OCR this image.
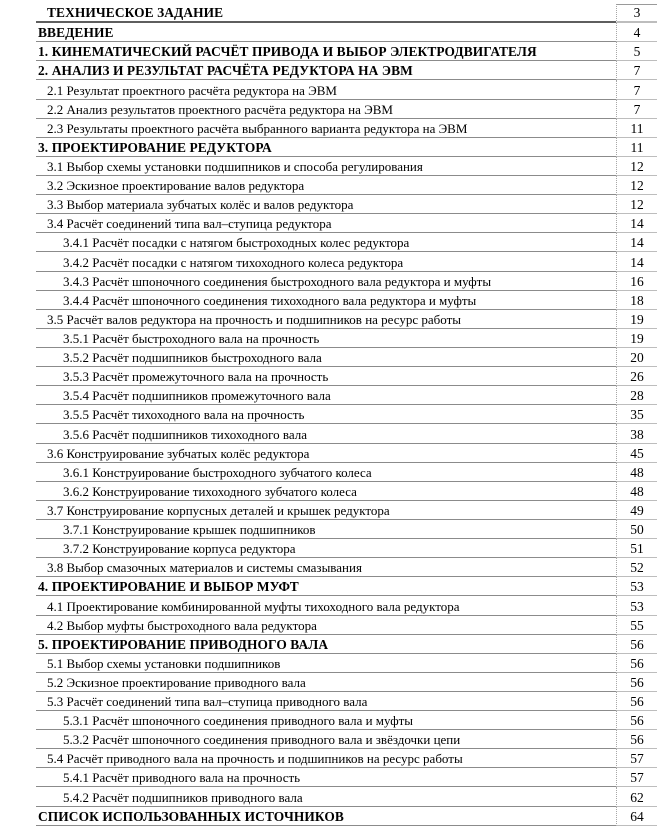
ТЕХНИЧЕСКОЕ ЗАДАНИЕ	3
ВВЕДЕНИЕ	4
1. КИНЕМАТИЧЕСКИЙ РАСЧЁТ ПРИВОДА И ВЫБОР ЭЛЕКТРОДВИГАТЕЛЯ	5
2. АНАЛИЗ И РЕЗУЛЬТАТ РАСЧЁТА РЕДУКТОРА НА ЭВМ	7
2.1 Результат проектного расчёта редуктора на ЭВМ	7
2.2 Анализ результатов проектного расчёта редуктора на ЭВМ	7
2.3 Результаты проектного расчёта выбранного варианта редуктора на ЭВМ	11
3. ПРОЕКТИРОВАНИЕ РЕДУКТОРА	11
3.1 Выбор схемы установки подшипников и способа регулирования	12
3.2 Эскизное проектирование валов редуктора	12
3.3 Выбор материала зубчатых колёс и валов редуктора	12
3.4 Расчёт соединений типа вал–ступица редуктора	14
3.4.1 Расчёт посадки с натягом быстроходных колес редуктора	14
3.4.2 Расчёт посадки с натягом тихоходного колеса редуктора	14
3.4.3 Расчёт шпоночного соединения быстроходного вала редуктора и муфты	16
3.4.4 Расчёт шпоночного соединения тихоходного вала редуктора и муфты	18
3.5 Расчёт валов редуктора на прочность и подшипников на ресурс работы	19
3.5.1 Расчёт быстроходного вала на прочность	19
3.5.2 Расчёт подшипников быстроходного вала	20
3.5.3 Расчёт промежуточного вала на прочность	26
3.5.4 Расчёт подшипников промежуточного вала	28
3.5.5 Расчёт тихоходного вала на прочность	35
3.5.6 Расчёт подшипников тихоходного вала	38
3.6 Конструирование зубчатых колёс редуктора	45
3.6.1 Конструирование быстроходного зубчатого колеса	48
3.6.2 Конструирование тихоходного зубчатого колеса	48
3.7 Конструирование корпусных деталей и крышек редуктора	49
3.7.1 Конструирование крышек подшипников	50
3.7.2 Конструирование корпуса редуктора	51
3.8 Выбор смазочных материалов и системы смазывания	52
4. ПРОЕКТИРОВАНИЕ И ВЫБОР МУФТ	53
4.1 Проектирование комбинированной муфты тихоходного вала редуктора	53
4.2 Выбор муфты быстроходного вала редуктора	55
5. ПРОЕКТИРОВАНИЕ ПРИВОДНОГО ВАЛА	56
5.1 Выбор схемы установки подшипников	56
5.2 Эскизное проектирование приводного вала	56
5.3 Расчёт соединений типа вал–ступица приводного вала	56
5.3.1 Расчёт шпоночного соединения приводного вала и муфты	56
5.3.2 Расчёт шпоночного соединения приводного вала и звёздочки цепи	56
5.4 Расчёт приводного вала на прочность и подшипников на ресурс работы	57
5.4.1 Расчёт приводного вала на прочность	57
5.4.2 Расчёт подшипников приводного вала	62
СПИСОК ИСПОЛЬЗОВАННЫХ ИСТОЧНИКОВ	64
